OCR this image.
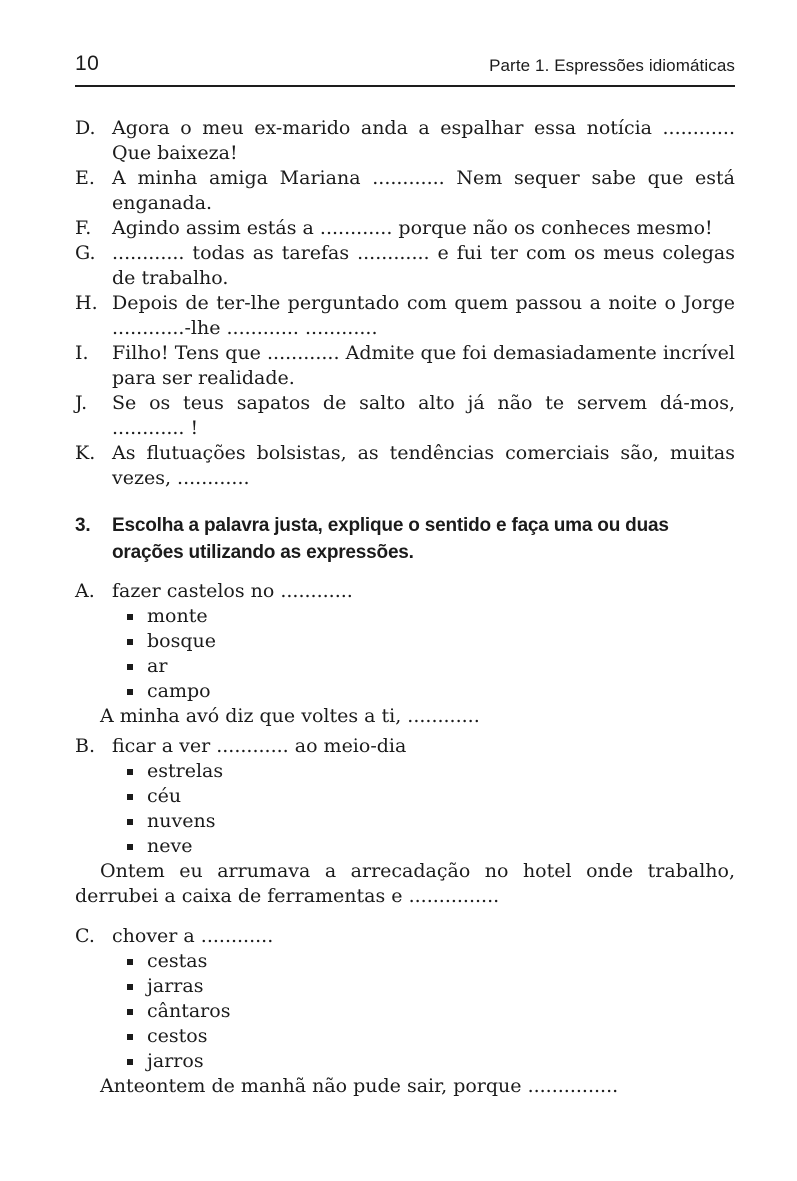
10	Parte 1. Espressões idiomáticas
D. Agora o meu ex-marido anda a espalhar essa notícia ............ Que baixeza!
E. A minha amiga Mariana ............ Nem sequer sabe que está enganada.
F. Agindo assim estás a ............ porque não os conheces mesmo!
G. ............ todas as tarefas ............ e fui ter com os meus colegas de trabalho.
H. Depois de ter-lhe perguntado com quem passou a noite o Jorge ............-lhe ............ ............
I. Filho! Tens que ............ Admite que foi demasiadamente incrível para ser realidade.
J. Se os teus sapatos de salto alto já não te servem dá-mos, ............ !
K. As flutuações bolsistas, as tendências comerciais são, muitas vezes, ............
3. Escolha a palavra justa, explique o sentido e faça uma ou duas orações utilizando as expressões.
A. fazer castelos no ............
monte
bosque
ar
campo
A minha avó diz que voltes a ti, ............
B. ficar a ver ............ ao meio-dia
estrelas
céu
nuvens
neve
Ontem eu arrumava a arrecadação no hotel onde trabalho, derrubei a caixa de ferramentas e ...............
C. chover a ............
cestas
jarras
cântaros
cestos
jarros
Anteontem de manhã não pude sair, porque ...............
